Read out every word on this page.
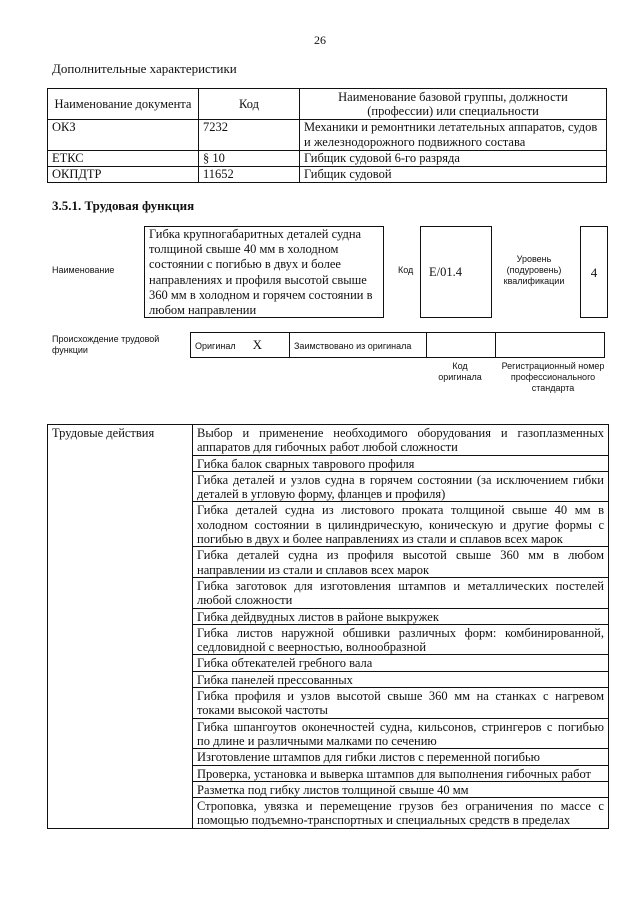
26
Дополнительные характеристики
Наименование документа	Код	Наименование базовой группы, должности (профессии) или специальности
ОКЗ	7232	Механики и ремонтники летательных аппаратов, судов и железнодорожного подвижного состава
ЕТКС	§ 10	Гибщик судовой 6-го разряда
ОКПДТР	11652	Гибщик судовой
3.5.1. Трудовая функция
Наименование
Гибка крупногабаритных деталей судна толщиной свыше 40 мм в холодном состоянии с погибью в двух и более направлениях и профиля высотой свыше 360 мм в холодном и горячем состоянии в любом направлении
Код	E/01.4
Уровень (подуровень) квалификации
4
Происхождение трудовой функции	Оригинал X	Заимствовано из оригинала		
Код оригинала
Регистрационный номер профессионального стандарта
Трудовые действия	Выбор и применение необходимого оборудования и газоплазменных аппаратов для гибочных работ любой сложности
Гибка балок сварных таврового профиля
Гибка деталей и узлов судна в горячем состоянии (за исключением гибки деталей в угловую форму, фланцев и профиля)
Гибка деталей судна из листового проката толщиной свыше 40 мм в холодном состоянии в цилиндрическую, коническую и другие формы с погибью в двух и более направлениях из стали и сплавов всех марок
Гибка деталей судна из профиля высотой свыше 360 мм в любом направлении из стали и сплавов всех марок
Гибка заготовок для изготовления штампов и металлических постелей любой сложности
Гибка дейдвудных листов в районе выкружек
Гибка листов наружной обшивки различных форм: комбинированной, седловидной с веерностью, волнообразной
Гибка обтекателей гребного вала
Гибка панелей прессованных
Гибка профиля и узлов высотой свыше 360 мм на станках с нагревом токами высокой частоты
Гибка шпангоутов оконечностей судна, кильсонов, стрингеров с погибью по длине и различными малками по сечению
Изготовление штампов для гибки листов с переменной погибью
Проверка, установка и выверка штампов для выполнения гибочных работ
Разметка под гибку листов толщиной свыше 40 мм
Строповка, увязка и перемещение грузов без ограничения по массе с помощью подъемно-транспортных и специальных средств в пределах
